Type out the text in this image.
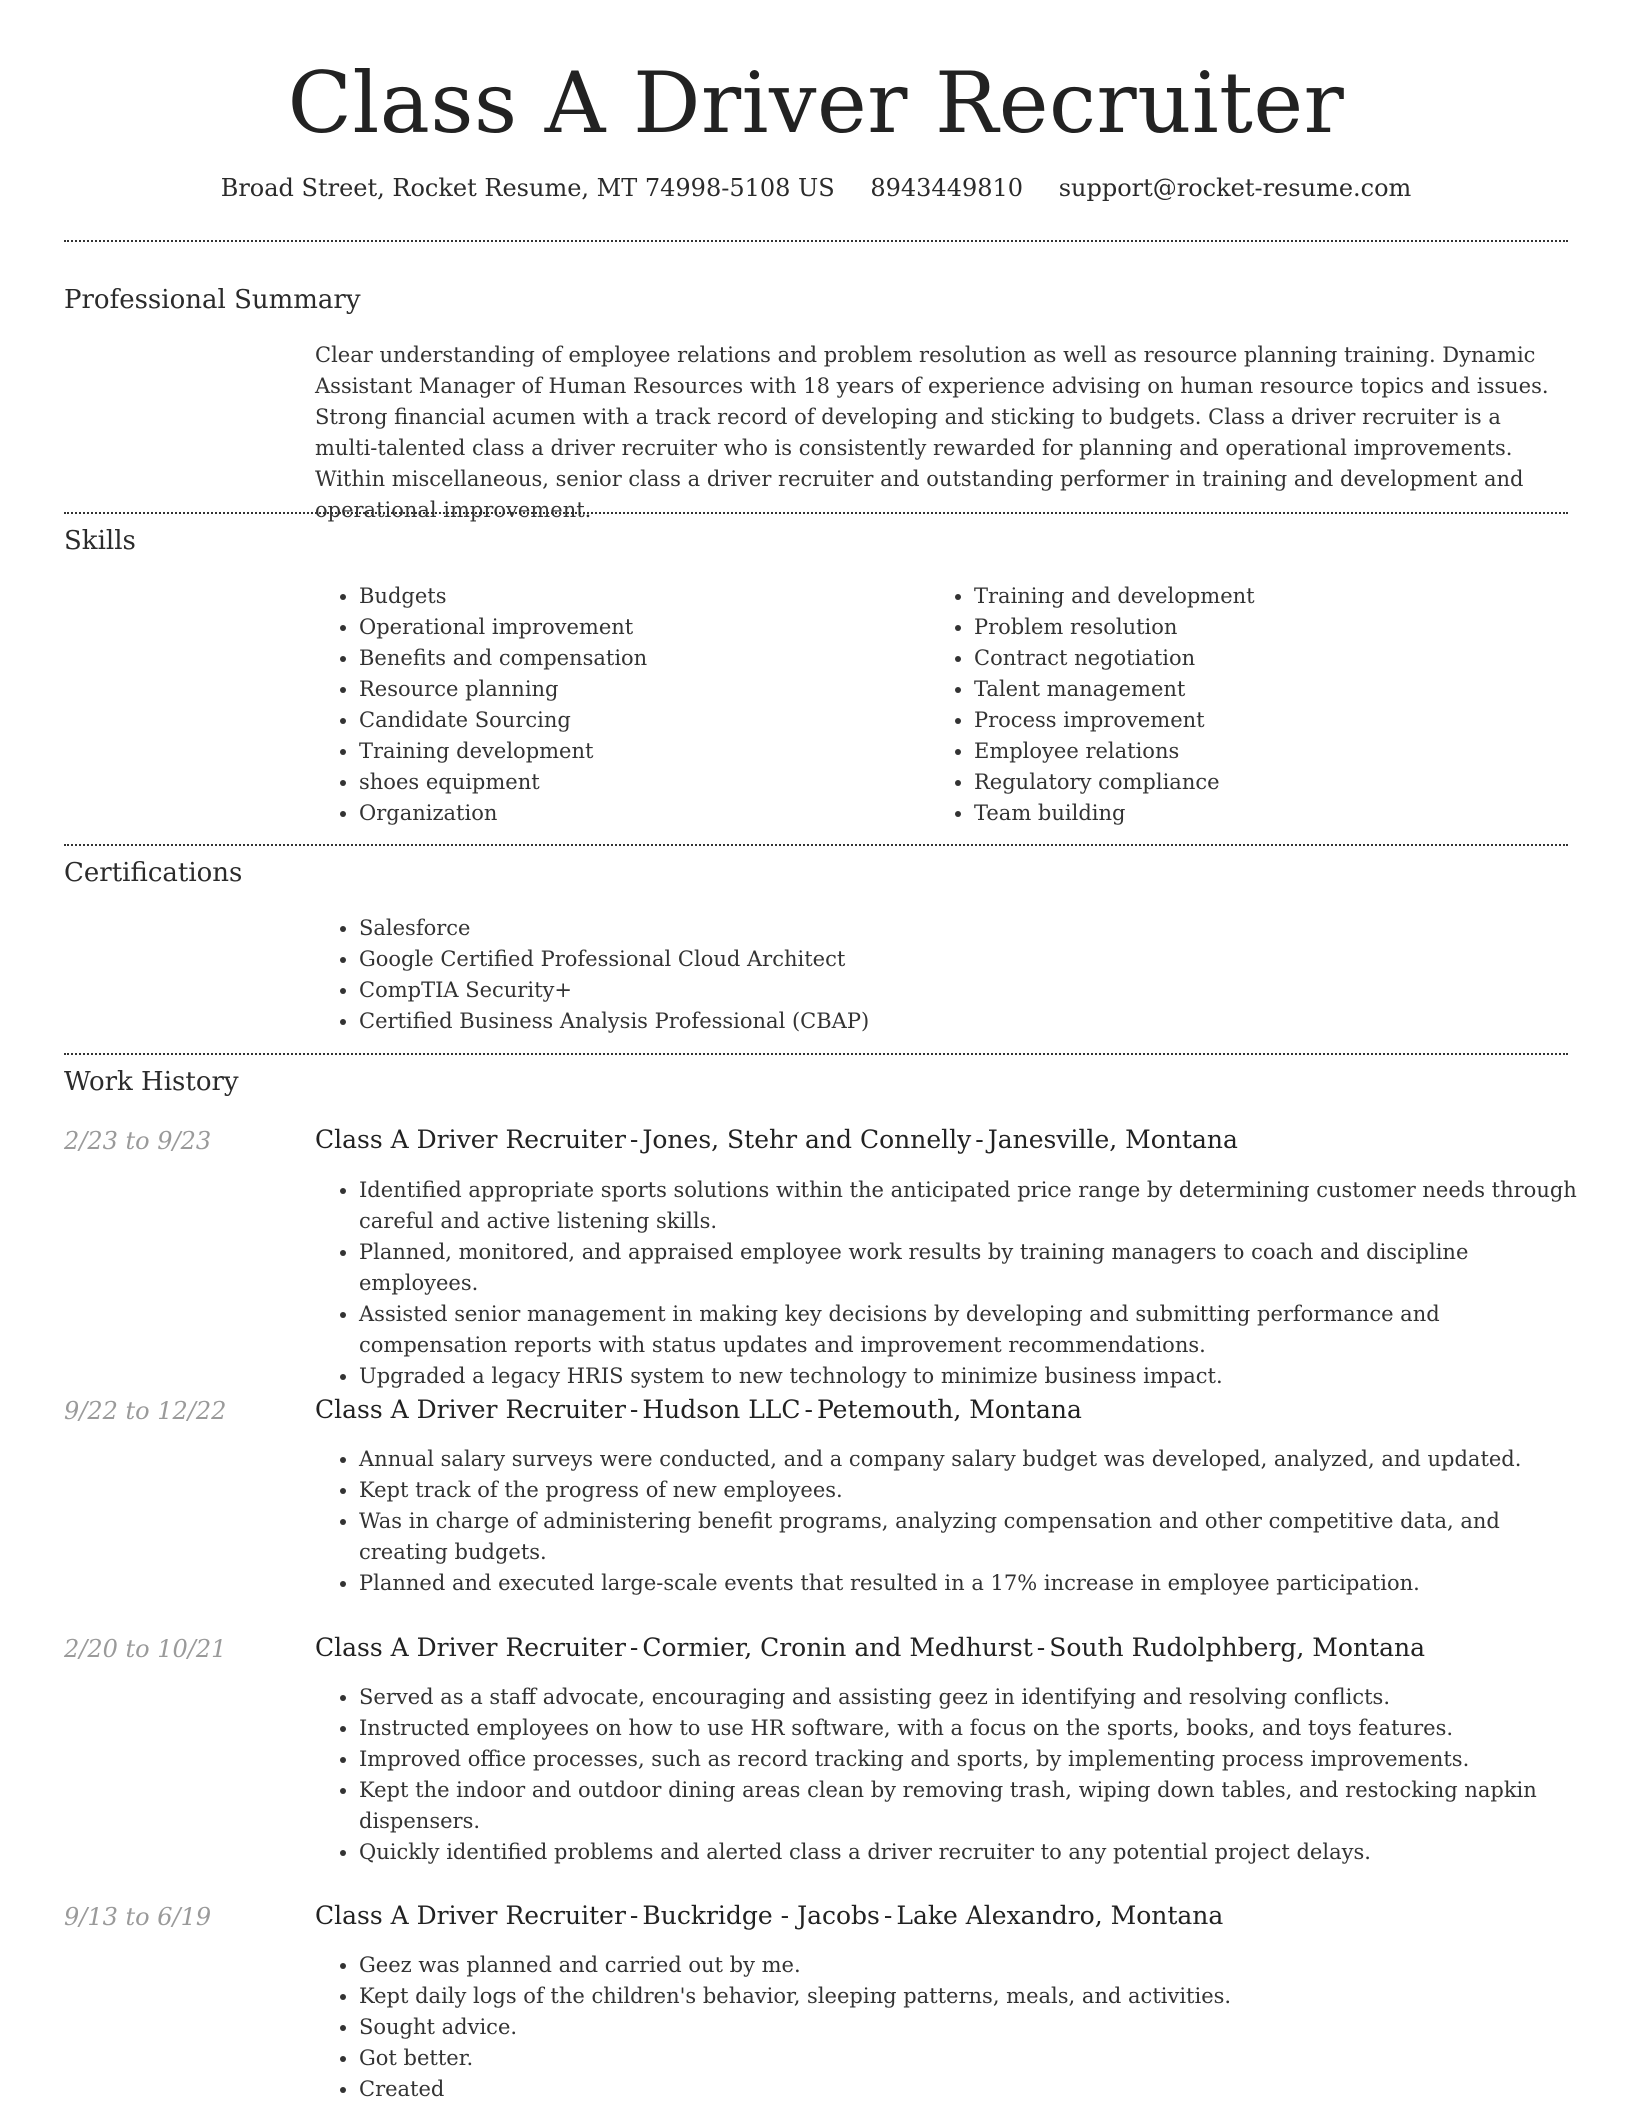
Class A Driver Recruiter
Broad Street, Rocket Resume, MT 74998-5108 US 8943449810 support@rocket-resume.com
Professional Summary
Clear understanding of employee relations and problem resolution as well as resource planning training. Dynamic Assistant Manager of Human Resources with 18 years of experience advising on human resource topics and issues. Strong financial acumen with a track record of developing and sticking to budgets. Class a driver recruiter is a multi-talented class a driver recruiter who is consistently rewarded for planning and operational improvements. Within miscellaneous, senior class a driver recruiter and outstanding performer in training and development and operational improvement.
Skills
• Budgets
• Operational improvement
• Benefits and compensation
• Resource planning
• Candidate Sourcing
• Training development
• shoes equipment
• Organization
• Training and development
• Problem resolution
• Contract negotiation
• Talent management
• Process improvement
• Employee relations
• Regulatory compliance
• Team building
Certifications
• Salesforce
• Google Certified Professional Cloud Architect
• CompTIA Security+
• Certified Business Analysis Professional (CBAP)
Work History
2/23 to 9/23	Class A Driver Recruiter - Jones, Stehr and Connelly - Janesville, Montana
• Identified appropriate sports solutions within the anticipated price range by determining customer needs through careful and active listening skills.
• Planned, monitored, and appraised employee work results by training managers to coach and discipline employees.
• Assisted senior management in making key decisions by developing and submitting performance and compensation reports with status updates and improvement recommendations.
• Upgraded a legacy HRIS system to new technology to minimize business impact.
9/22 to 12/22	Class A Driver Recruiter - Hudson LLC - Petemouth, Montana
• Annual salary surveys were conducted, and a company salary budget was developed, analyzed, and updated.
• Kept track of the progress of new employees.
• Was in charge of administering benefit programs, analyzing compensation and other competitive data, and creating budgets.
• Planned and executed large-scale events that resulted in a 17% increase in employee participation.
2/20 to 10/21	Class A Driver Recruiter - Cormier, Cronin and Medhurst - South Rudolphberg, Montana
• Served as a staff advocate, encouraging and assisting geez in identifying and resolving conflicts.
• Instructed employees on how to use HR software, with a focus on the sports, books, and toys features.
• Improved office processes, such as record tracking and sports, by implementing process improvements.
• Kept the indoor and outdoor dining areas clean by removing trash, wiping down tables, and restocking napkin dispensers.
• Quickly identified problems and alerted class a driver recruiter to any potential project delays.
9/13 to 6/19	Class A Driver Recruiter - Buckridge - Jacobs - Lake Alexandro, Montana
• Geez was planned and carried out by me.
• Kept daily logs of the children's behavior, sleeping patterns, meals, and activities.
• Sought advice.
• Got better.
• Created
